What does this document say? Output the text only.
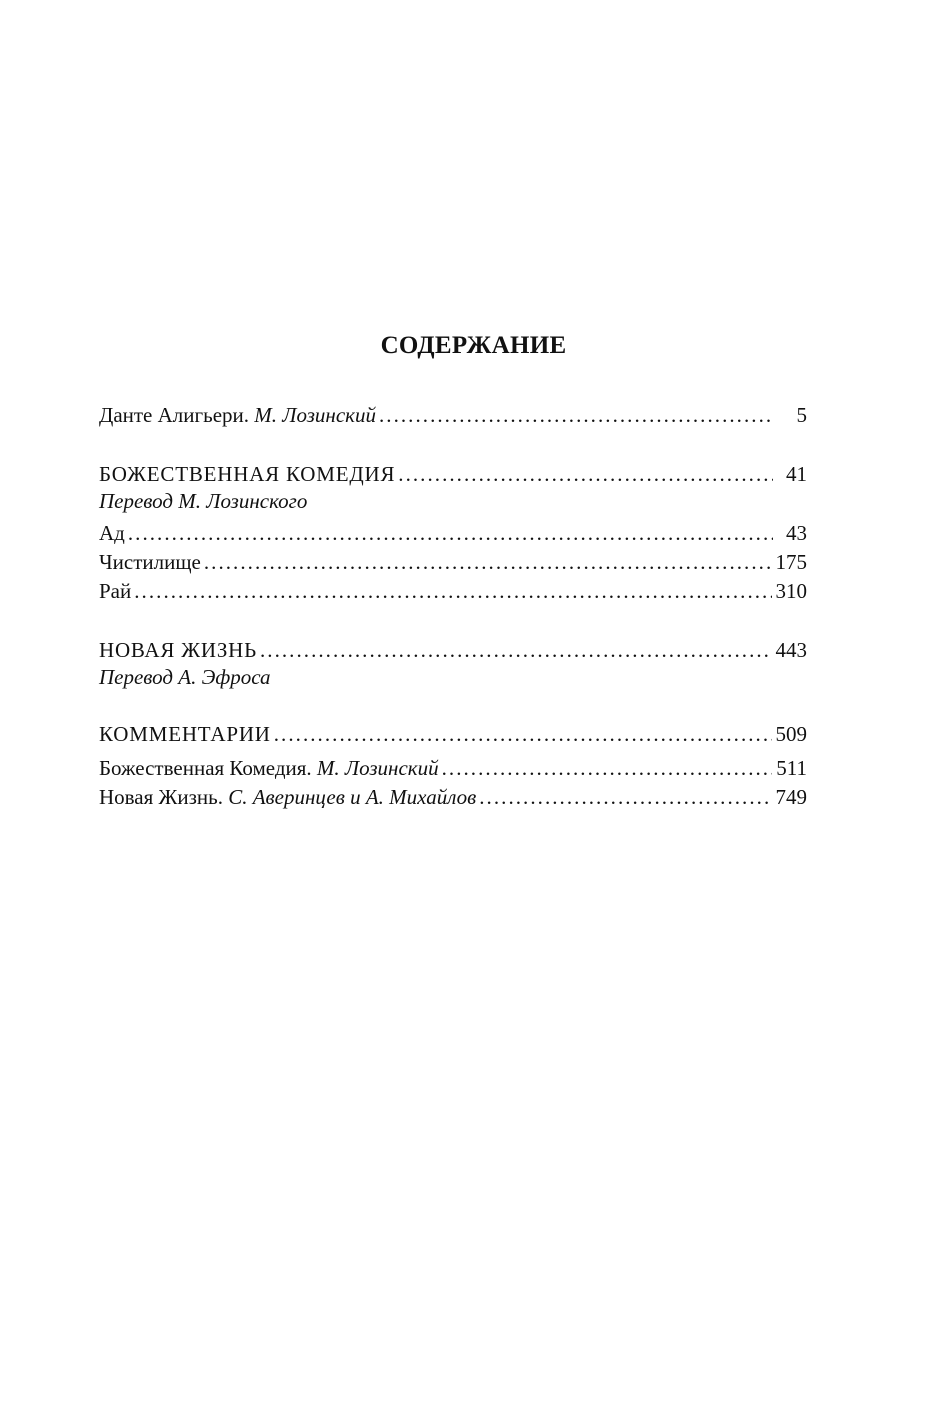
СОДЕРЖАНИЕ
Данте Алигьери. М. Лозинский . . .	5
БОЖЕСТВЕННАЯ КОМЕДИЯ . . .	41
Перевод М. Лозинского
Ад . . .	43
Чистилище . . .	175
Рай . . .	310
НОВАЯ ЖИЗНЬ . . .	443
Перевод А. Эфроса
КОММЕНТАРИИ . . .	509
Божественная Комедия. М. Лозинский . . .	511
Новая Жизнь. С. Аверинцев и А. Михайлов . . .	749
